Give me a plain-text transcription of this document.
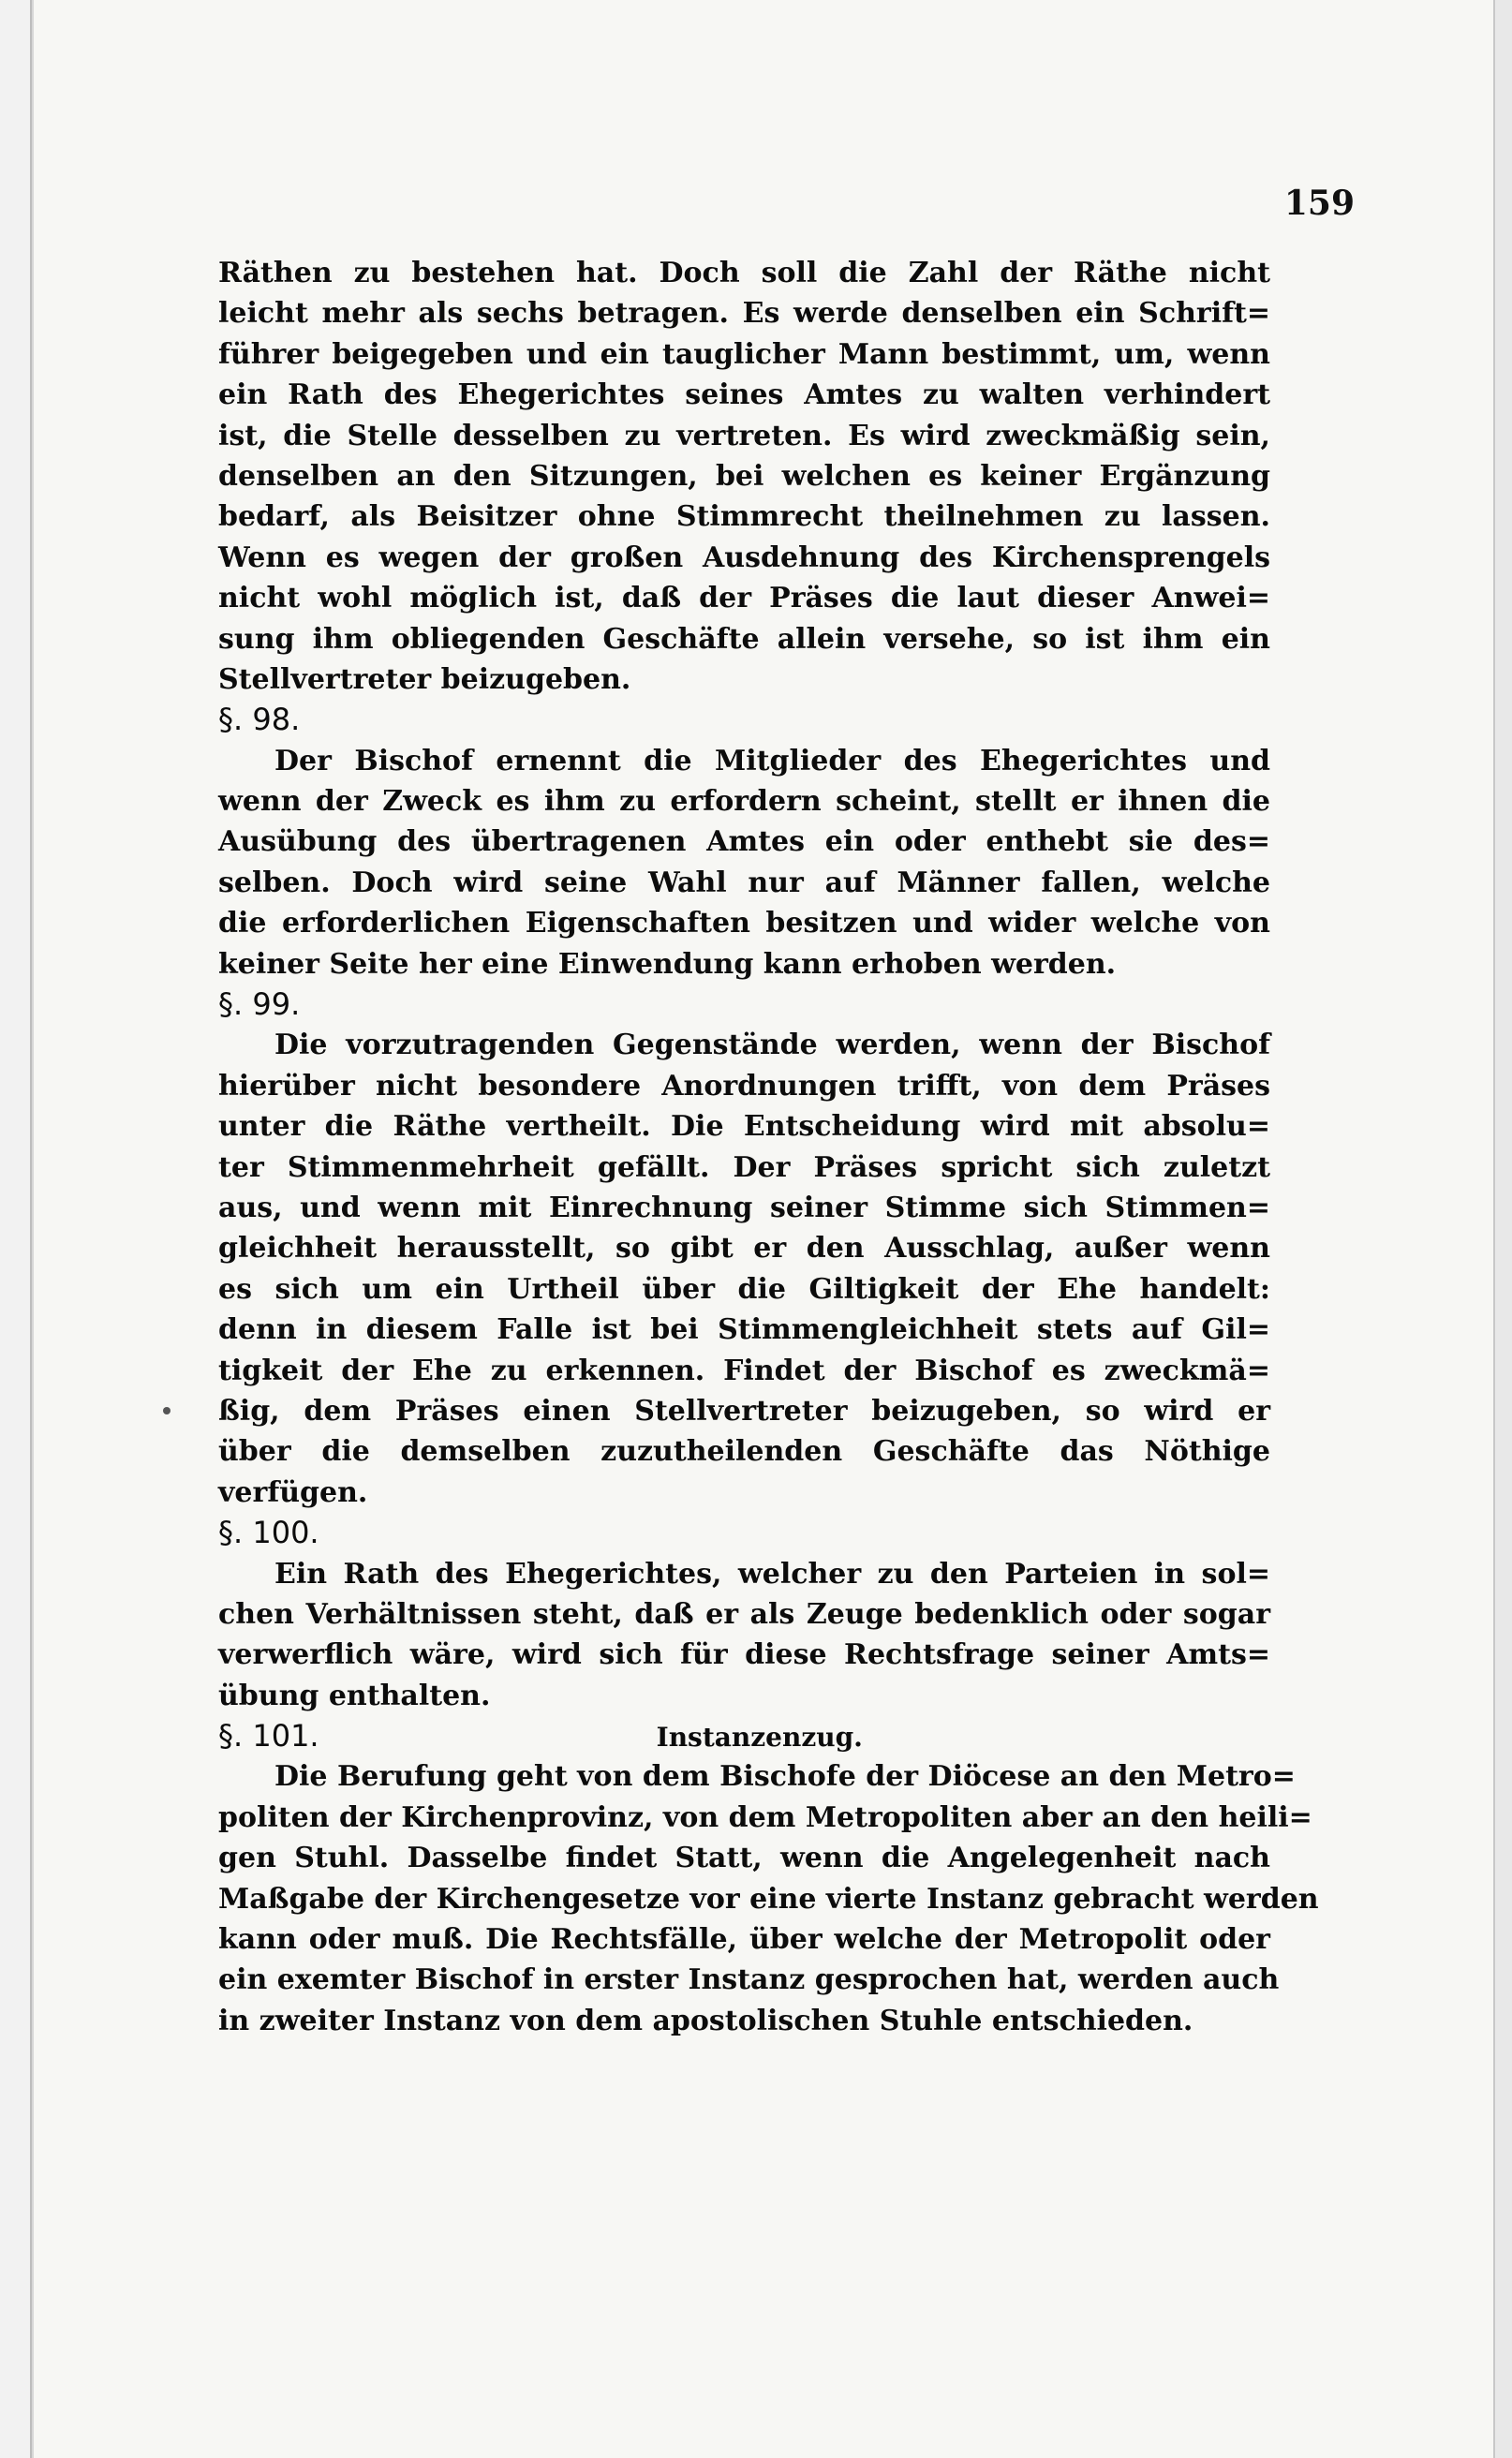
159

Räthen zu bestehen hat. Doch soll die Zahl der Räthe nicht

leicht mehr als sechs betragen. Es werde denselben ein Schrift=

führer beigegeben und ein tauglicher Mann bestimmt, um, wenn

ein Rath des Ehegerichtes seines Amtes zu walten verhindert

ist, die Stelle desselben zu vertreten. Es wird zweckmäßig sein,

denselben an den Sitzungen, bei welchen es keiner Ergänzung

bedarf, als Beisitzer ohne Stimmrecht theilnehmen zu lassen.

Wenn es wegen der großen Ausdehnung des Kirchensprengels

nicht wohl möglich ist, daß der Präses die laut dieser Anwei=

sung ihm obliegenden Geschäfte allein versehe, so ist ihm ein

Stellvertreter beizugeben.

§. 98.

Der Bischof ernennt die Mitglieder des Ehegerichtes und

wenn der Zweck es ihm zu erfordern scheint, stellt er ihnen die

Ausübung des übertragenen Amtes ein oder enthebt sie des=

selben. Doch wird seine Wahl nur auf Männer fallen, welche

die erforderlichen Eigenschaften besitzen und wider welche von

keiner Seite her eine Einwendung kann erhoben werden.

§. 99.

Die vorzutragenden Gegenstände werden, wenn der Bischof

hierüber nicht besondere Anordnungen trifft, von dem Präses

unter die Räthe vertheilt. Die Entscheidung wird mit absolu=

ter Stimmenmehrheit gefällt. Der Präses spricht sich zuletzt

aus, und wenn mit Einrechnung seiner Stimme sich Stimmen=

gleichheit herausstellt, so gibt er den Ausschlag, außer wenn

es sich um ein Urtheil über die Giltigkeit der Ehe handelt:

denn in diesem Falle ist bei Stimmengleichheit stets auf Gil=

tigkeit der Ehe zu erkennen. Findet der Bischof es zweckmä=

ßig, dem Präses einen Stellvertreter beizugeben, so wird er

über die demselben zuzutheilenden Geschäfte das Nöthige

verfügen.

§. 100.

Ein Rath des Ehegerichtes, welcher zu den Parteien in sol=

chen Verhältnissen steht, daß er als Zeuge bedenklich oder sogar

verwerflich wäre, wird sich für diese Rechtsfrage seiner Amts=

übung enthalten.

§. 101.	Instanzenzug.

Die Berufung geht von dem Bischofe der Diöcese an den Metro=

politen der Kirchenprovinz, von dem Metropoliten aber an den heili=

gen Stuhl. Dasselbe findet Statt, wenn die Angelegenheit nach

Maßgabe der Kirchengesetze vor eine vierte Instanz gebracht werden

kann oder muß. Die Rechtsfälle, über welche der Metropolit oder

ein exemter Bischof in erster Instanz gesprochen hat, werden auch

in zweiter Instanz von dem apostolischen Stuhle entschieden.
